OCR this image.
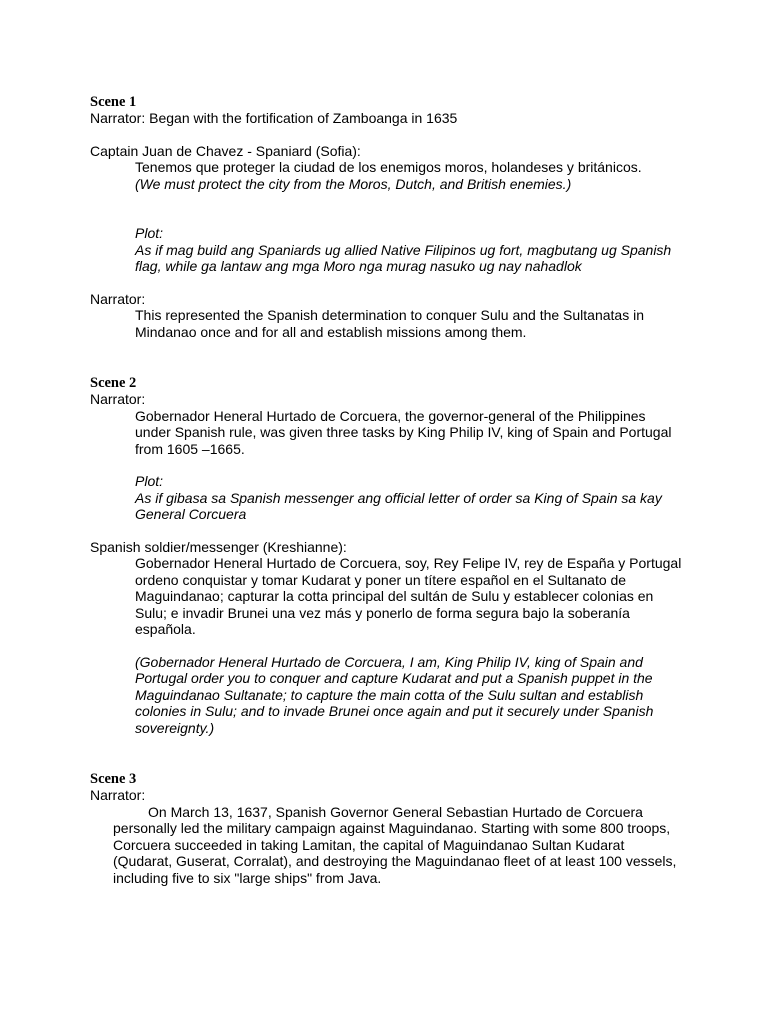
Scene 1
Narrator: Began with the fortification of Zamboanga in 1635
Captain Juan de Chavez - Spaniard (Sofia):
Tenemos que proteger la ciudad de los enemigos moros, holandeses y británicos.
(We must protect the city from the Moros, Dutch, and British enemies.)
Plot:
As if mag build ang Spaniards ug allied Native Filipinos ug fort, magbutang ug Spanish
flag, while ga lantaw ang mga Moro nga murag nasuko ug nay nahadlok
Narrator:
This represented the Spanish determination to conquer Sulu and the Sultanatas in
Mindanao once and for all and establish missions among them.
Scene 2
Narrator:
Gobernador Heneral Hurtado de Corcuera, the governor-general of the Philippines
under Spanish rule, was given three tasks by King Philip IV, king of Spain and Portugal
from 1605 –1665.
Plot:
As if gibasa sa Spanish messenger ang official letter of order sa King of Spain sa kay
General Corcuera
Spanish soldier/messenger (Kreshianne):
Gobernador Heneral Hurtado de Corcuera, soy, Rey Felipe IV, rey de España y Portugal
ordeno conquistar y tomar Kudarat y poner un títere español en el Sultanato de
Maguindanao; capturar la cotta principal del sultán de Sulu y establecer colonias en
Sulu; e invadir Brunei una vez más y ponerlo de forma segura bajo la soberanía
española.
(Gobernador Heneral Hurtado de Corcuera, I am, King Philip IV, king of Spain and
Portugal order you to conquer and capture Kudarat and put a Spanish puppet in the
Maguindanao Sultanate; to capture the main cotta of the Sulu sultan and establish
colonies in Sulu; and to invade Brunei once again and put it securely under Spanish
sovereignty.)
Scene 3
Narrator:
On March 13, 1637, Spanish Governor General Sebastian Hurtado de Corcuera
personally led the military campaign against Maguindanao. Starting with some 800 troops,
Corcuera succeeded in taking Lamitan, the capital of Maguindanao Sultan Kudarat
(Qudarat, Guserat, Corralat), and destroying the Maguindanao fleet of at least 100 vessels,
including five to six "large ships" from Java.
